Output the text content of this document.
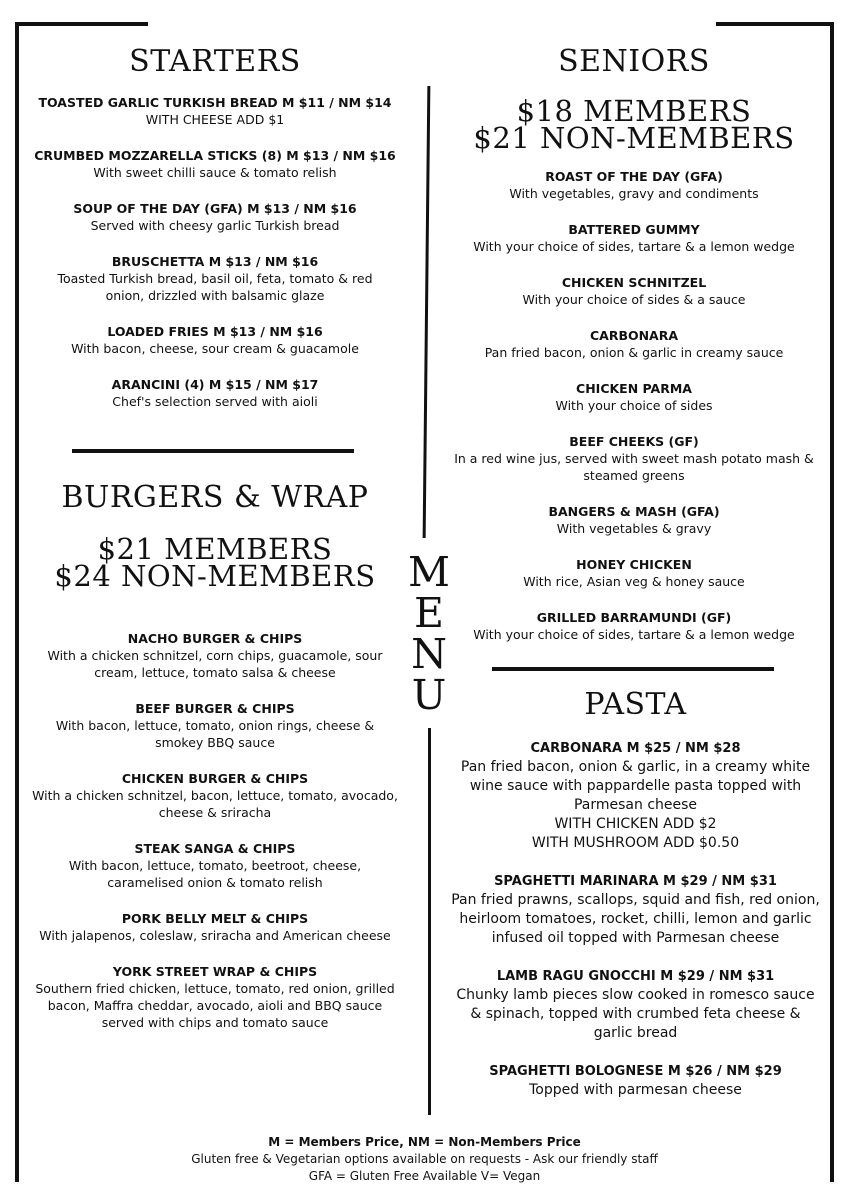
M
E
N
U
STARTERS
TOASTED GARLIC TURKISH BREAD M $11 / NM $14
WITH CHEESE ADD $1
CRUMBED MOZZARELLA STICKS (8) M $13 / NM $16
With sweet chilli sauce & tomato relish
SOUP OF THE DAY (GFA) M $13 / NM $16
Served with cheesy garlic Turkish bread
BRUSCHETTA M $13 / NM $16
Toasted Turkish bread, basil oil, feta, tomato & red onion, drizzled with balsamic glaze
LOADED FRIES M $13 / NM $16
With bacon, cheese, sour cream & guacamole
ARANCINI (4) M $15 / NM $17
Chef's selection served with aioli
BURGERS & WRAP
$21 MEMBERS
$24 NON-MEMBERS
NACHO BURGER & CHIPS
With a chicken schnitzel, corn chips, guacamole, sour cream, lettuce, tomato salsa & cheese
BEEF BURGER & CHIPS
With bacon, lettuce, tomato, onion rings, cheese & smokey BBQ sauce
CHICKEN BURGER & CHIPS
With a chicken schnitzel, bacon, lettuce, tomato, avocado, cheese & sriracha
STEAK SANGA & CHIPS
With bacon, lettuce, tomato, beetroot, cheese, caramelised onion & tomato relish
PORK BELLY MELT & CHIPS
With jalapenos, coleslaw, sriracha and American cheese
YORK STREET WRAP & CHIPS
Southern fried chicken, lettuce, tomato, red onion, grilled bacon, Maffra cheddar, avocado, aioli and BBQ sauce served with chips and tomato sauce
SENIORS
$18 MEMBERS
$21 NON-MEMBERS
ROAST OF THE DAY (GFA)
With vegetables, gravy and condiments
BATTERED GUMMY
With your choice of sides, tartare & a lemon wedge
CHICKEN SCHNITZEL
With your choice of sides & a sauce
CARBONARA
Pan fried bacon, onion & garlic in creamy sauce
CHICKEN PARMA
With your choice of sides
BEEF CHEEKS (GF)
In a red wine jus, served with sweet mash potato mash & steamed greens
BANGERS & MASH (GFA)
With vegetables & gravy
HONEY CHICKEN
With rice, Asian veg & honey sauce
GRILLED BARRAMUNDI (GF)
With your choice of sides, tartare & a lemon wedge
PASTA
CARBONARA M $25 / NM $28
Pan fried bacon, onion & garlic, in a creamy white wine sauce with pappardelle pasta topped with Parmesan cheese
WITH CHICKEN ADD $2
WITH MUSHROOM ADD $0.50
SPAGHETTI MARINARA M $29 / NM $31
Pan fried prawns, scallops, squid and fish, red onion, heirloom tomatoes, rocket, chilli, lemon and garlic infused oil topped with Parmesan cheese
LAMB RAGU GNOCCHI M $29 / NM $31
Chunky lamb pieces slow cooked in romesco sauce & spinach, topped with crumbed feta cheese & garlic bread
SPAGHETTI BOLOGNESE M $26 / NM $29
Topped with parmesan cheese
M = Members Price, NM = Non-Members Price
Gluten free & Vegetarian options available on requests - Ask our friendly staff
GFA = Gluten Free Available V= Vegan
